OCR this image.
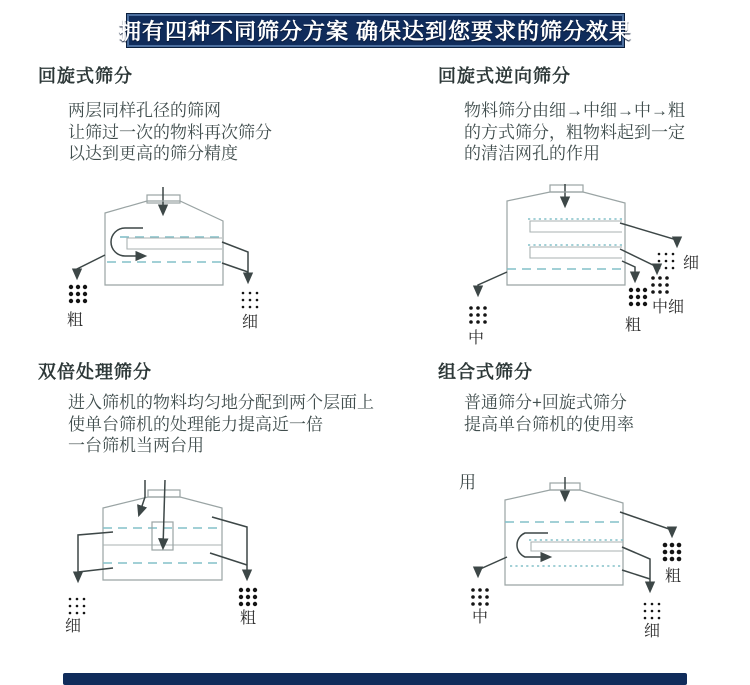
拥有四种不同筛分方案 确保达到您要求的筛分效果
回旋式筛分

两层同样孔径的筛网
让筛过一次的物料再次筛分
以达到更高的筛分精度

粗	细
回旋式逆向筛分

物料筛分由细→中细→中→粗
的方式筛分，粗物料起到一定
的清洁网孔的作用

细
中细
粗
中
双倍处理筛分

进入筛机的物料均匀地分配到两个层面上
使单台筛机的处理能力提高近一倍
一台筛机当两台用

细	粗
组合式筛分

普通筛分+回旋式筛分
提高单台筛机的使用率

用
粗
细
中
